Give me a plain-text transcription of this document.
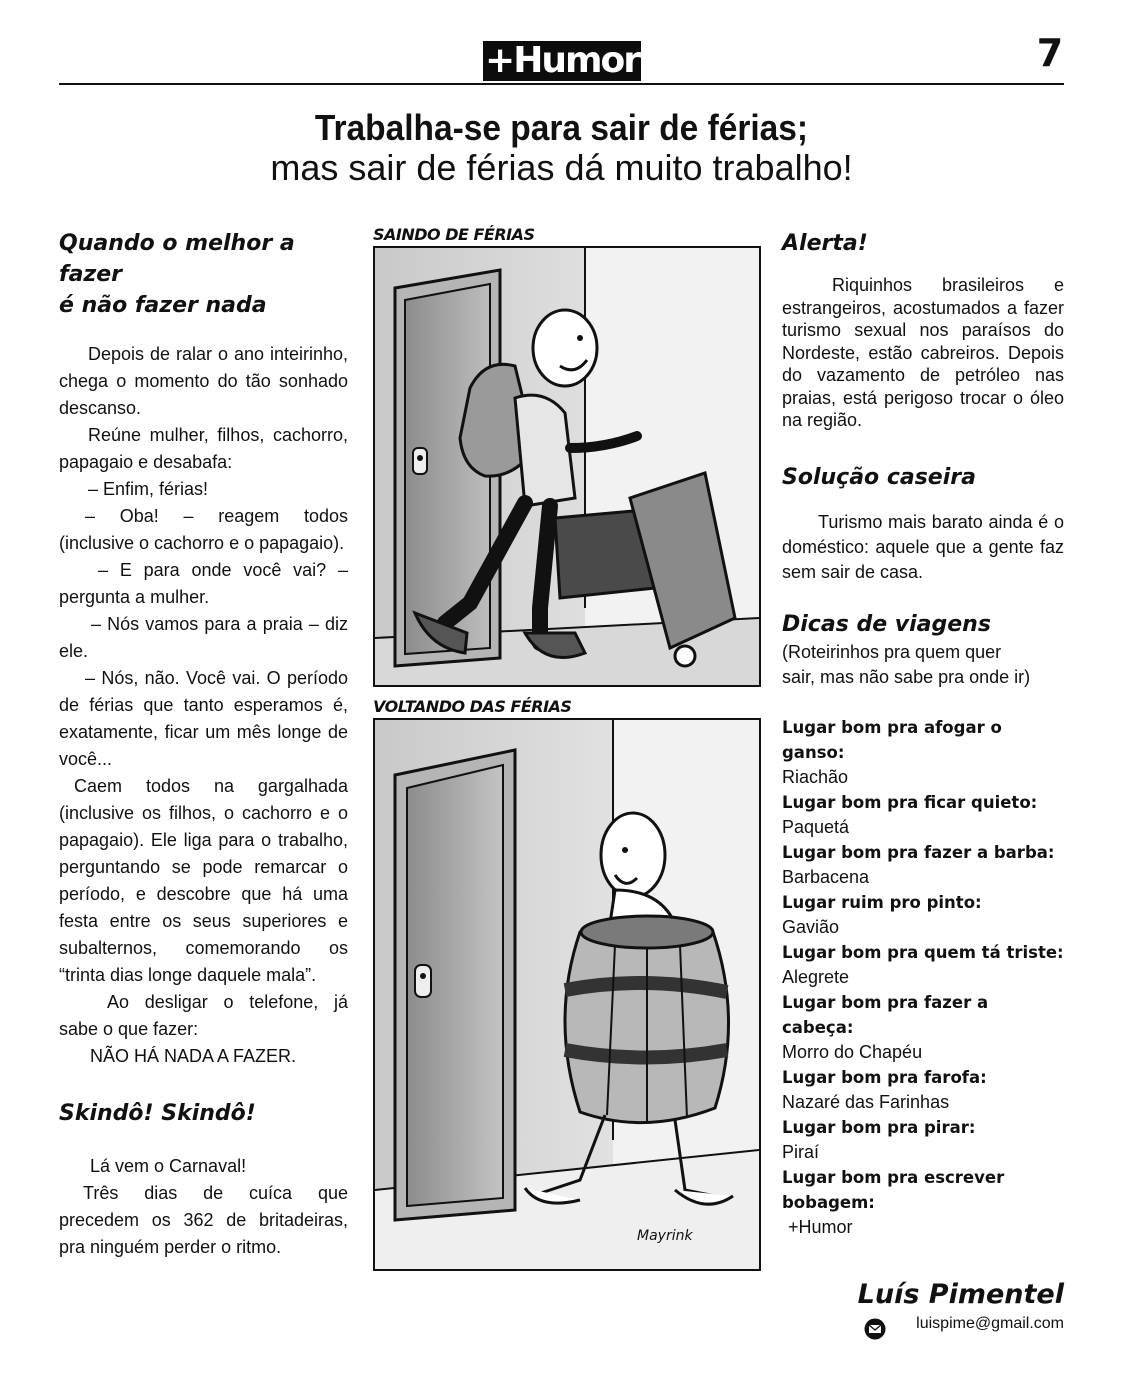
+Humor	7
Trabalha-se para sair de férias;
mas sair de férias dá muito trabalho!
Quando o melhor a fazer
é não fazer nada

Depois de ralar o ano inteirinho, chega o momento do tão sonhado descanso.

Reúne mulher, filhos, cachorro, papagaio e desabafa:

– Enfim, férias!

– Oba! – reagem todos (inclusive o cachorro e o papagaio).

– E para onde você vai? – pergunta a mulher.

– Nós vamos para a praia – diz ele.

– Nós, não. Você vai. O período de férias que tanto esperamos é, exatamente, ficar um mês longe de você...

Caem todos na gargalhada (inclusive os filhos, o cachorro e o papagaio). Ele liga para o trabalho, perguntando se pode remarcar o período, e descobre que há uma festa entre os seus superiores e subalternos, comemorando os “trinta dias longe daquele mala”.

Ao desligar o telefone, já sabe o que fazer:

NÃO HÁ NADA A FAZER.

Skindô! Skindô!

Lá vem o Carnaval!

Três dias de cuíca que precedem os 362 de britadeiras, pra ninguém perder o ritmo.

SAINDO DE FÉRIAS
VOLTANDO DAS FÉRIAS
Mayrink
Alerta!
Riquinhos brasileiros e estrangeiros, acostumados a fazer turismo sexual nos paraísos do Nordeste, estão cabreiros. Depois do vazamento de petróleo nas praias, está perigoso trocar o óleo na região.
Solução caseira
Turismo mais barato ainda é o doméstico: aquele que a gente faz sem sair de casa.
Dicas de viagens
(Roteirinhos pra quem quer
sair, mas não sabe pra onde ir)
Lugar bom pra afogar o ganso:
Riachão
Lugar bom pra ficar quieto:
Paquetá
Lugar bom pra fazer a barba:
Barbacena
Lugar ruim pro pinto:
Gavião
Lugar bom pra quem tá triste:
Alegrete
Lugar bom pra fazer a cabeça:
Morro do Chapéu
Lugar bom pra farofa:
Nazaré das Farinhas
Lugar bom pra pirar:
Piraí
Lugar bom pra escrever bobagem:
+Humor
Luís Pimentel
luispime@gmail.com
